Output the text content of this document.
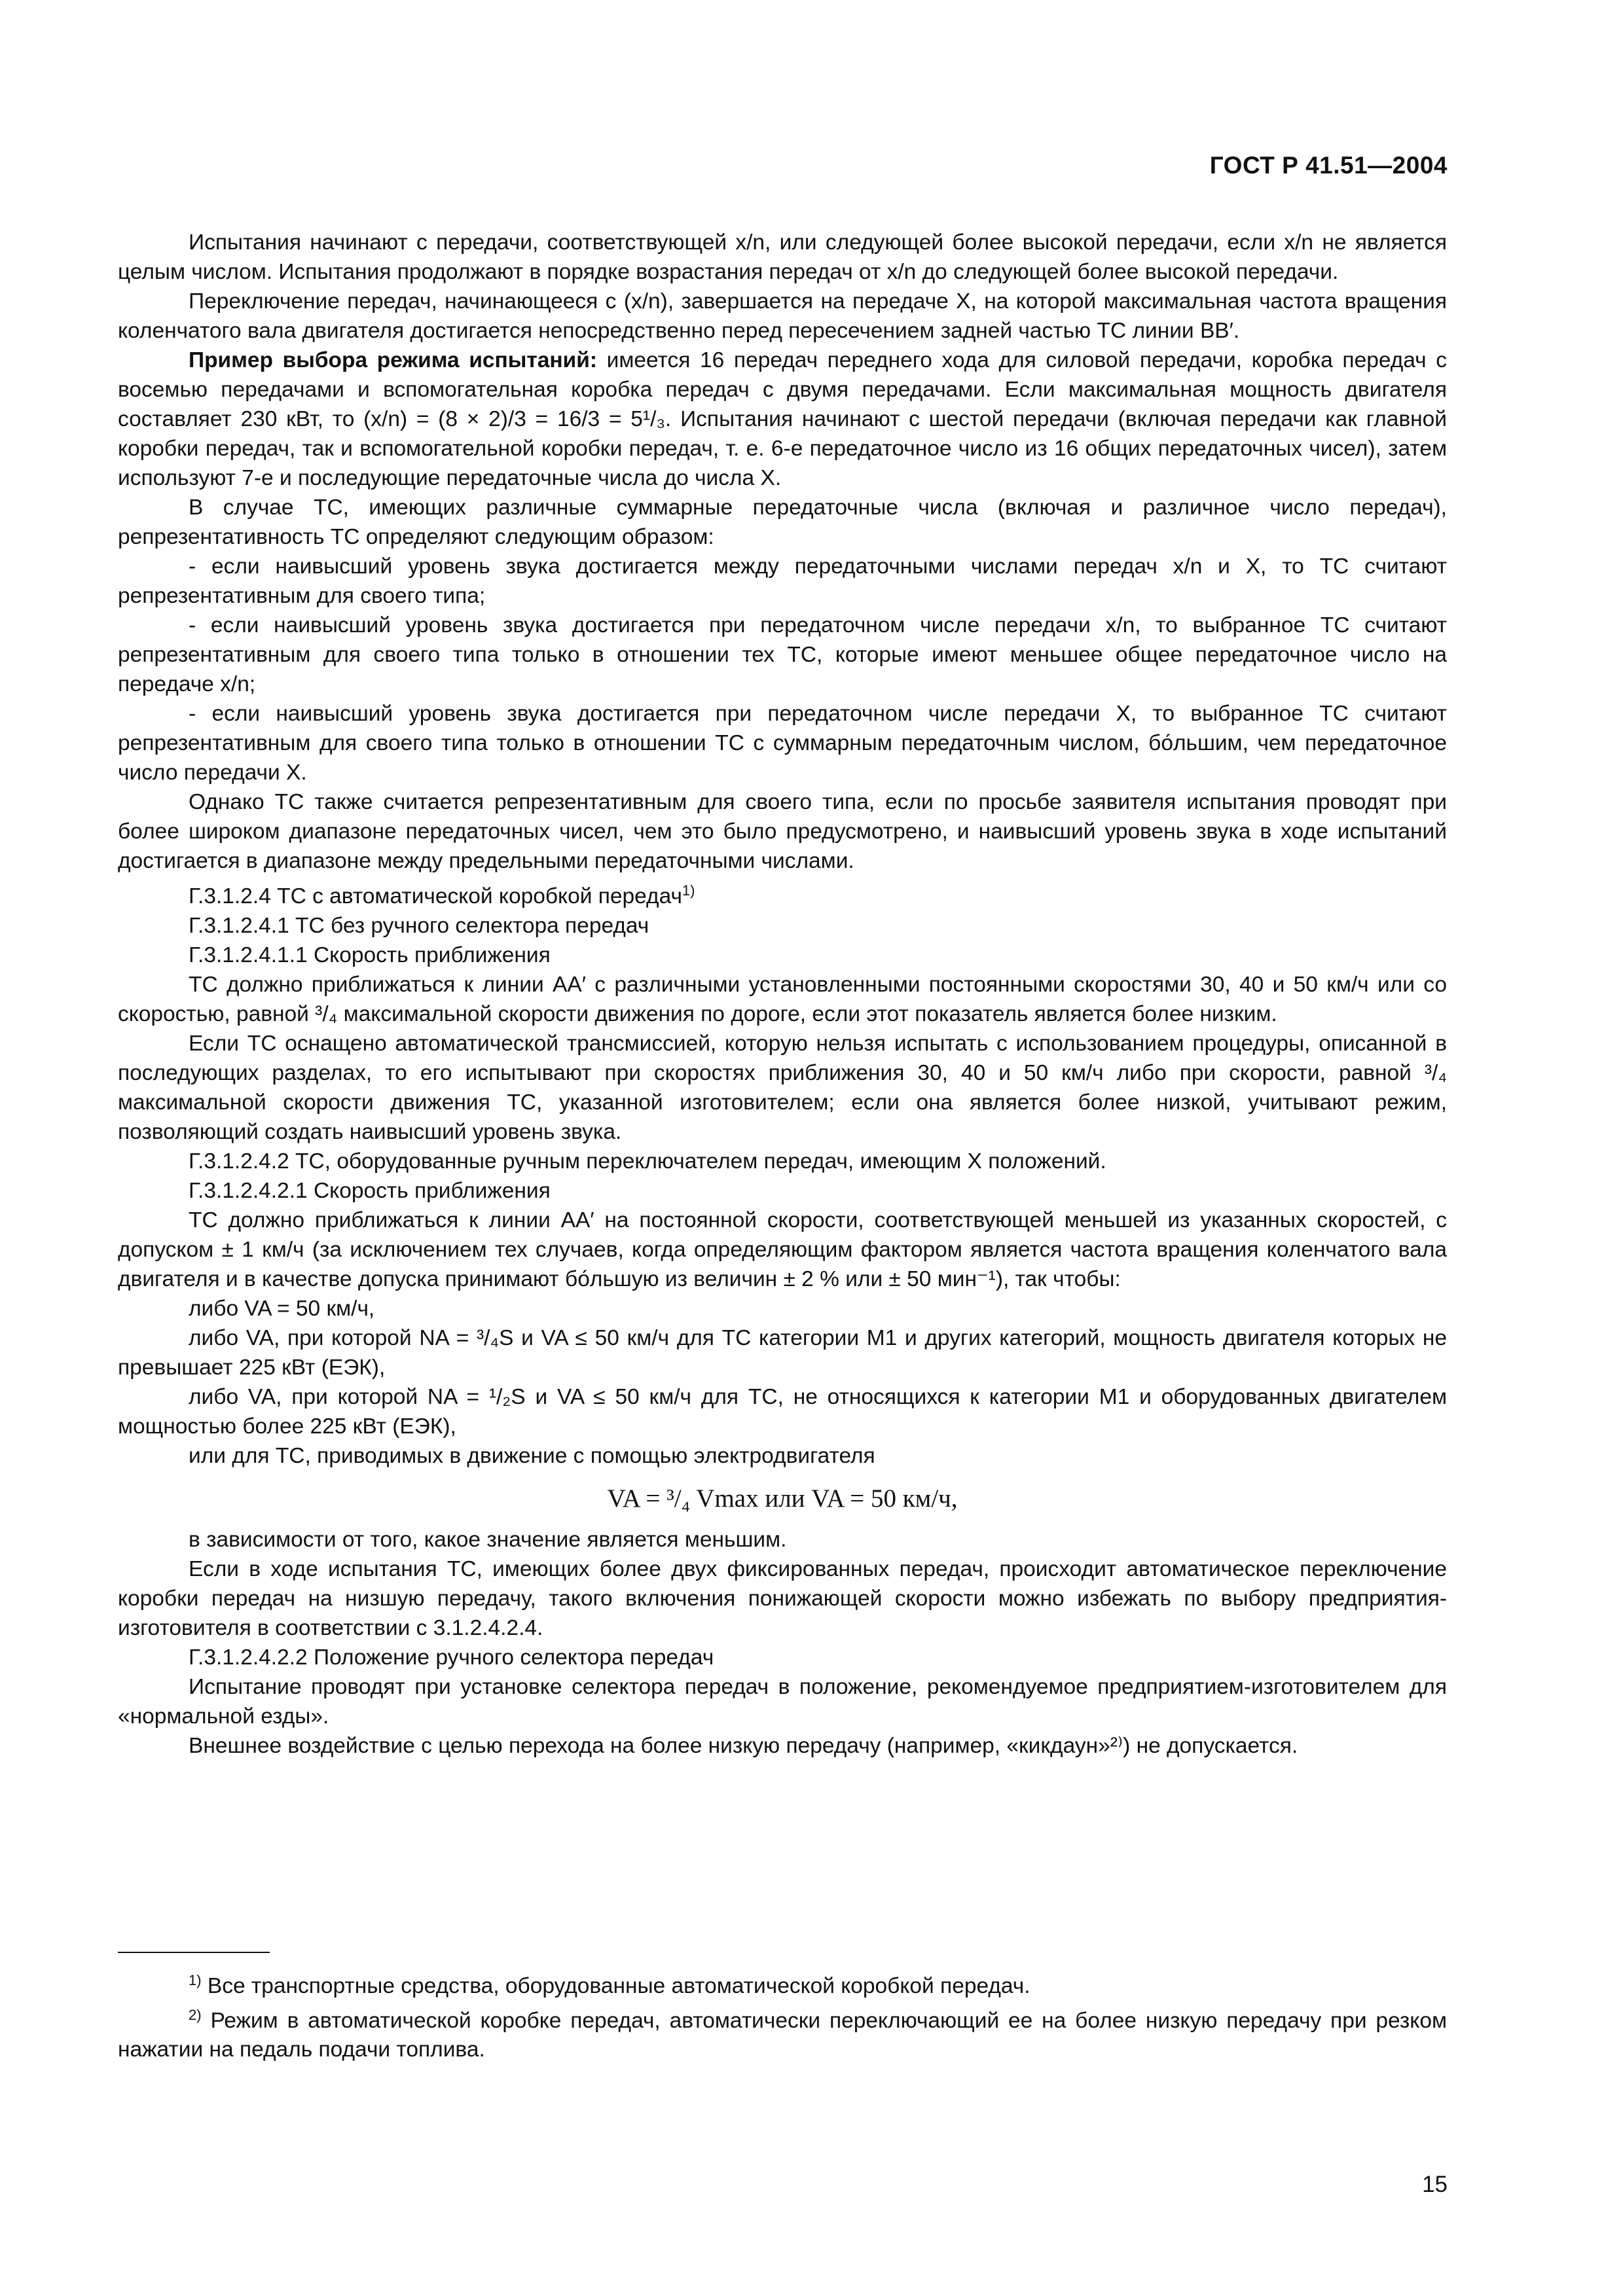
ГОСТ Р 41.51—2004

Испытания начинают с передачи, соответствующей x/n, или следующей более высокой передачи, если x/n не является целым числом. Испытания продолжают в порядке возрастания передач от x/n до следующей более высокой передачи.

Переключение передач, начинающееся с (x/n), завершается на передаче X, на которой максимальная частота вращения коленчатого вала двигателя достигается непосредственно перед пересечением задней частью ТС линии BB′.

Пример выбора режима испытаний: имеется 16 передач переднего хода для силовой передачи, коробка передач с восемью передачами и вспомогательная коробка передач с двумя передачами. Если максимальная мощность двигателя составляет 230 кВт, то (x/n) = (8 × 2)/3 = 16/3 = 5¹/₃. Испытания начинают с шестой передачи (включая передачи как главной коробки передач, так и вспомогательной коробки передач, т. е. 6-е передаточное число из 16 общих передаточных чисел), затем используют 7-е и последующие передаточные числа до числа X.

В случае ТС, имеющих различные суммарные передаточные числа (включая и различное число передач), репрезентативность ТС определяют следующим образом:

- если наивысший уровень звука достигается между передаточными числами передач x/n и X, то ТС считают репрезентативным для своего типа;

- если наивысший уровень звука достигается при передаточном числе передачи x/n, то выбранное ТС считают репрезентативным для своего типа только в отношении тех ТС, которые имеют меньшее общее передаточное число на передаче x/n;

- если наивысший уровень звука достигается при передаточном числе передачи X, то выбранное ТС считают репрезентативным для своего типа только в отношении ТС с суммарным передаточным числом, бо́льшим, чем передаточное число передачи X.

Однако ТС также считается репрезентативным для своего типа, если по просьбе заявителя испытания проводят при более широком диапазоне передаточных чисел, чем это было предусмотрено, и наивысший уровень звука в ходе испытаний достигается в диапазоне между предельными передаточными числами.

Г.3.1.2.4 ТС с автоматической коробкой передач$^{1)}$

Г.3.1.2.4.1 ТС без ручного селектора передач

Г.3.1.2.4.1.1 Скорость приближения

ТС должно приближаться к линии AA′ с различными установленными постоянными скоростями 30, 40 и 50 км/ч или со скоростью, равной ³/₄ максимальной скорости движения по дороге, если этот показатель является более низким.

Если ТС оснащено автоматической трансмиссией, которую нельзя испытать с использованием процедуры, описанной в последующих разделах, то его испытывают при скоростях приближения 30, 40 и 50 км/ч либо при скорости, равной ³/₄ максимальной скорости движения ТС, указанной изготовителем; если она является более низкой, учитывают режим, позволяющий создать наивысший уровень звука.

Г.3.1.2.4.2 ТС, оборудованные ручным переключателем передач, имеющим X положений.

Г.3.1.2.4.2.1 Скорость приближения

ТС должно приближаться к линии AA′ на постоянной скорости, соответствующей меньшей из указанных скоростей, с допуском ± 1 км/ч (за исключением тех случаев, когда определяющим фактором является частота вращения коленчатого вала двигателя и в качестве допуска принимают бо́льшую из величин ± 2 % или ± 50 мин⁻¹), так чтобы:

либо VA = 50 км/ч,

либо VA, при которой NA = ³/₄S и VA ≤ 50 км/ч для ТС категории M1 и других категорий, мощность двигателя которых не превышает 225 кВт (ЕЭК),

либо VA, при которой NA = ¹/₂S и VA ≤ 50 км/ч для ТС, не относящихся к категории M1 и оборудованных двигателем мощностью более 225 кВт (ЕЭК),

или для ТС, приводимых в движение с помощью электродвигателя

VA = ³/₄ Vmax или VA = 50 км/ч,

в зависимости от того, какое значение является меньшим.

Если в ходе испытания ТС, имеющих более двух фиксированных передач, происходит автоматическое переключение коробки передач на низшую передачу, такого включения понижающей скорости можно избежать по выбору предприятия-изготовителя в соответствии с 3.1.2.4.2.4.

Г.3.1.2.4.2.2 Положение ручного селектора передач

Испытание проводят при установке селектора передач в положение, рекомендуемое предприятием-изготовителем для «нормальной езды».

Внешнее воздействие с целью перехода на более низкую передачу (например, «кикдаун»²⁾) не допускается.

$^{1)}$ Все транспортные средства, оборудованные автоматической коробкой передач.

$^{2)}$ Режим в автоматической коробке передач, автоматически переключающий ее на более низкую передачу при резком нажатии на педаль подачи топлива.

15
